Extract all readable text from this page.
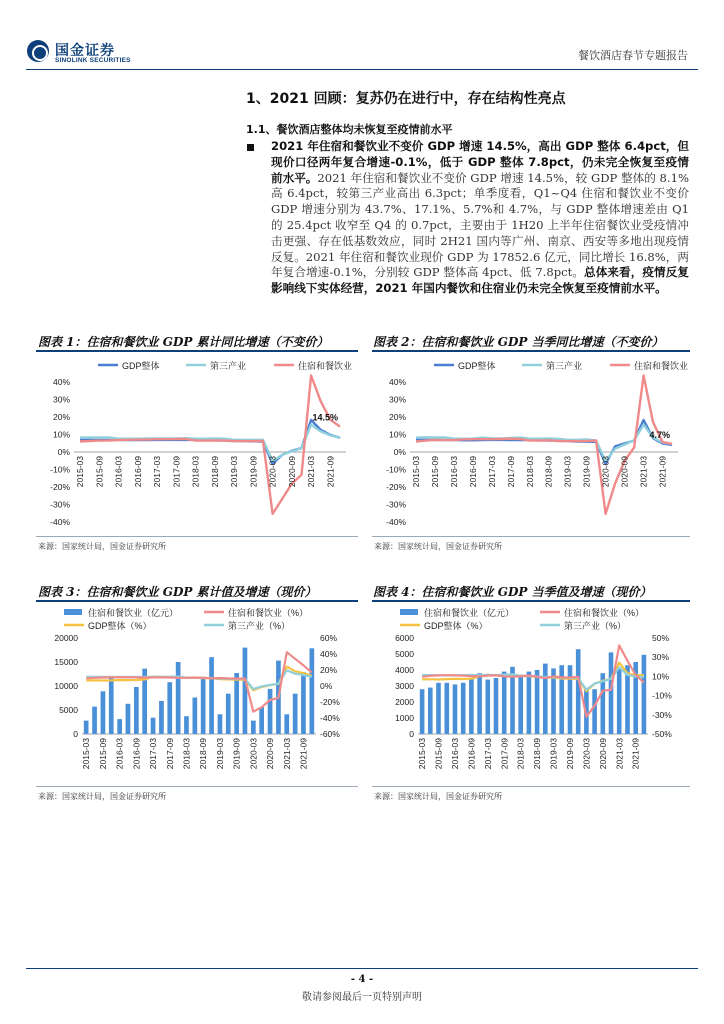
国金证券
SINOLINK SECURITIES	餐饮酒店春节专题报告
1、2021 回顾：复苏仍在进行中，存在结构性亮点
1.1、餐饮酒店整体均未恢复至疫情前水平
2021 年住宿和餐饮业不变价 GDP 增速 14.5%，高出 GDP 整体 6.4pct，但现价口径两年复合增速-0.1%，低于 GDP 整体 7.8pct，仍未完全恢复至疫情前水平。2021 年住宿和餐饮业不变价 GDP 增速 14.5%，较 GDP 整体的 8.1%高 6.4pct，较第三产业高出 6.3pct；单季度看，Q1~Q4 住宿和餐饮业不变价 GDP 增速分别为 43.7%、17.1%、5.7%和 4.7%，与 GDP 整体增速差由 Q1 的 25.4pct 收窄至 Q4 的 0.7pct，主要由于 1H20 上半年住宿餐饮业受疫情冲击更强、存在低基数效应，同时 2H21 国内等广州、南京、西安等多地出现疫情反复。2021 年住宿和餐饮业现价 GDP 为 17852.6 亿元，同比增长 16.8%，两年复合增速-0.1%，分别较 GDP 整体高 4pct、低 7.8pct。总体来看，疫情反复影响线下实体经营，2021 年国内餐饮和住宿业仍未完全恢复至疫情前水平。
图表 1：住宿和餐饮业 GDP 累计同比增速（不变价）
GDP整体	第三产业	住宿和餐饮业
-40%
-30%
-20%
-10%
0%
10%
20%
30%
40%
14.5%
2015-03 2015-09 2016-03 2016-09 2017-03 2017-09 2018-03 2018-09 2019-03 2019-09 2020-03 2020-09 2021-03 2021-09
来源：国家统计局，国金证券研究所
图表 2：住宿和餐饮业 GDP 当季同比增速（不变价）
GDP整体	第三产业	住宿和餐饮业
-40%
-30%
-20%
-10%
0%
10%
20%
30%
40%
4.7%
2015-03 2015-09 2016-03 2016-09 2017-03 2017-09 2018-03 2018-09 2019-03 2019-09 2020-03 2020-09 2021-03 2021-09
来源：国家统计局，国金证券研究所
图表 3：住宿和餐饮业 GDP 累计值及增速（现价）
住宿和餐饮业（亿元）	住宿和餐饮业（%）
GDP整体（%）	第三产业（%）
0
5000
10000
15000
20000
-60%
-40%
-20%
0%
20%
40%
60%
2015-03 2015-09 2016-03 2016-09 2017-03 2017-09 2018-03 2018-09 2019-03 2019-09 2020-03 2020-09 2021-03 2021-09
来源：国家统计局，国金证券研究所
图表 4：住宿和餐饮业 GDP 当季值及增速（现价）
住宿和餐饮业（亿元）	住宿和餐饮业（%）
GDP整体（%）	第三产业（%）
0
1000
2000
3000
4000
5000
6000
-50%
-30%
-10%
10%
30%
50%
2015-03 2015-09 2016-03 2016-09 2017-03 2017-09 2018-03 2018-09 2019-03 2019-09 2020-03 2020-09 2021-03 2021-09
来源：国家统计局，国金证券研究所
- 4 -
敬请参阅最后一页特别声明
